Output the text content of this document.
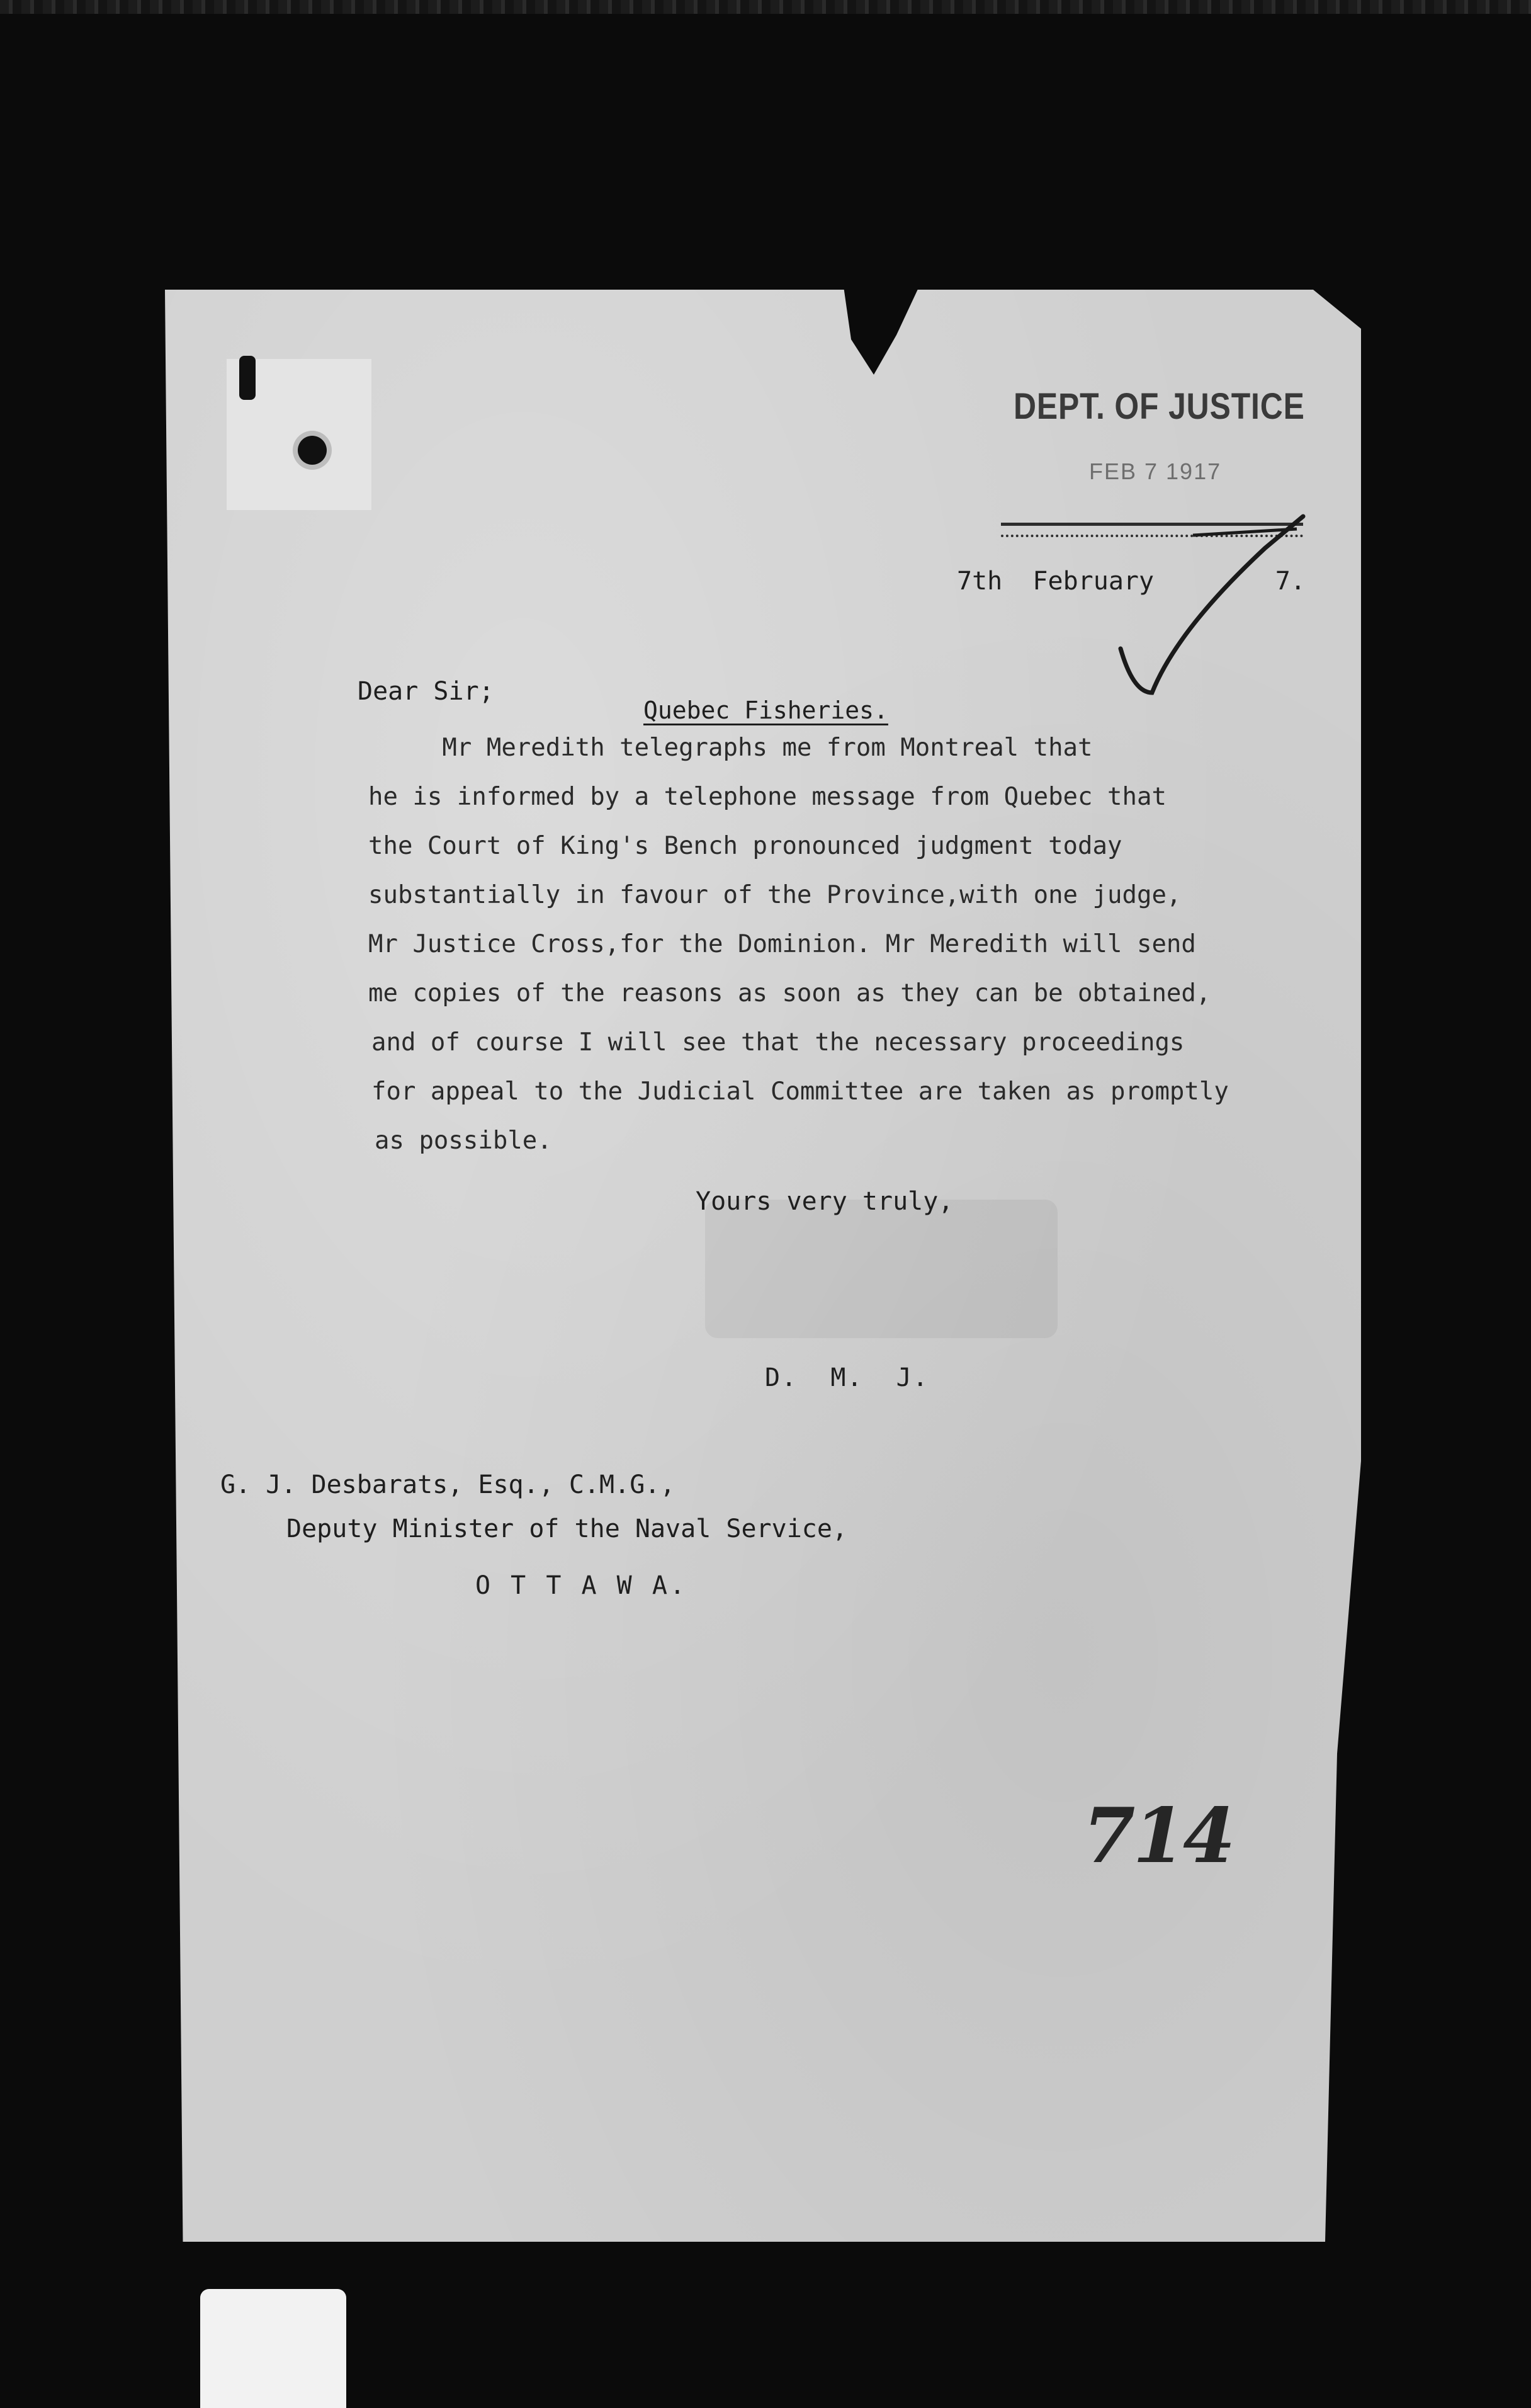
DEPT. OF JUSTICE
FEB 7 1917
7th  February        7.
Dear Sir;
Quebec Fisheries.
Mr Meredith telegraphs me from Montreal that
he is informed by a telephone message from Quebec that
the Court of King's Bench pronounced judgment today
substantially in favour of the Province,with one judge,
Mr Justice Cross,for the Dominion. Mr Meredith will send
me copies of the reasons as soon as they can be obtained,
and of course I will see that the necessary proceedings
for appeal to the Judicial Committee are taken as promptly
as possible.
Yours very truly,
D.  M.  J.
G. J. Desbarats, Esq., C.M.G.,
Deputy Minister of the Naval Service,
O T T A W A.
714
